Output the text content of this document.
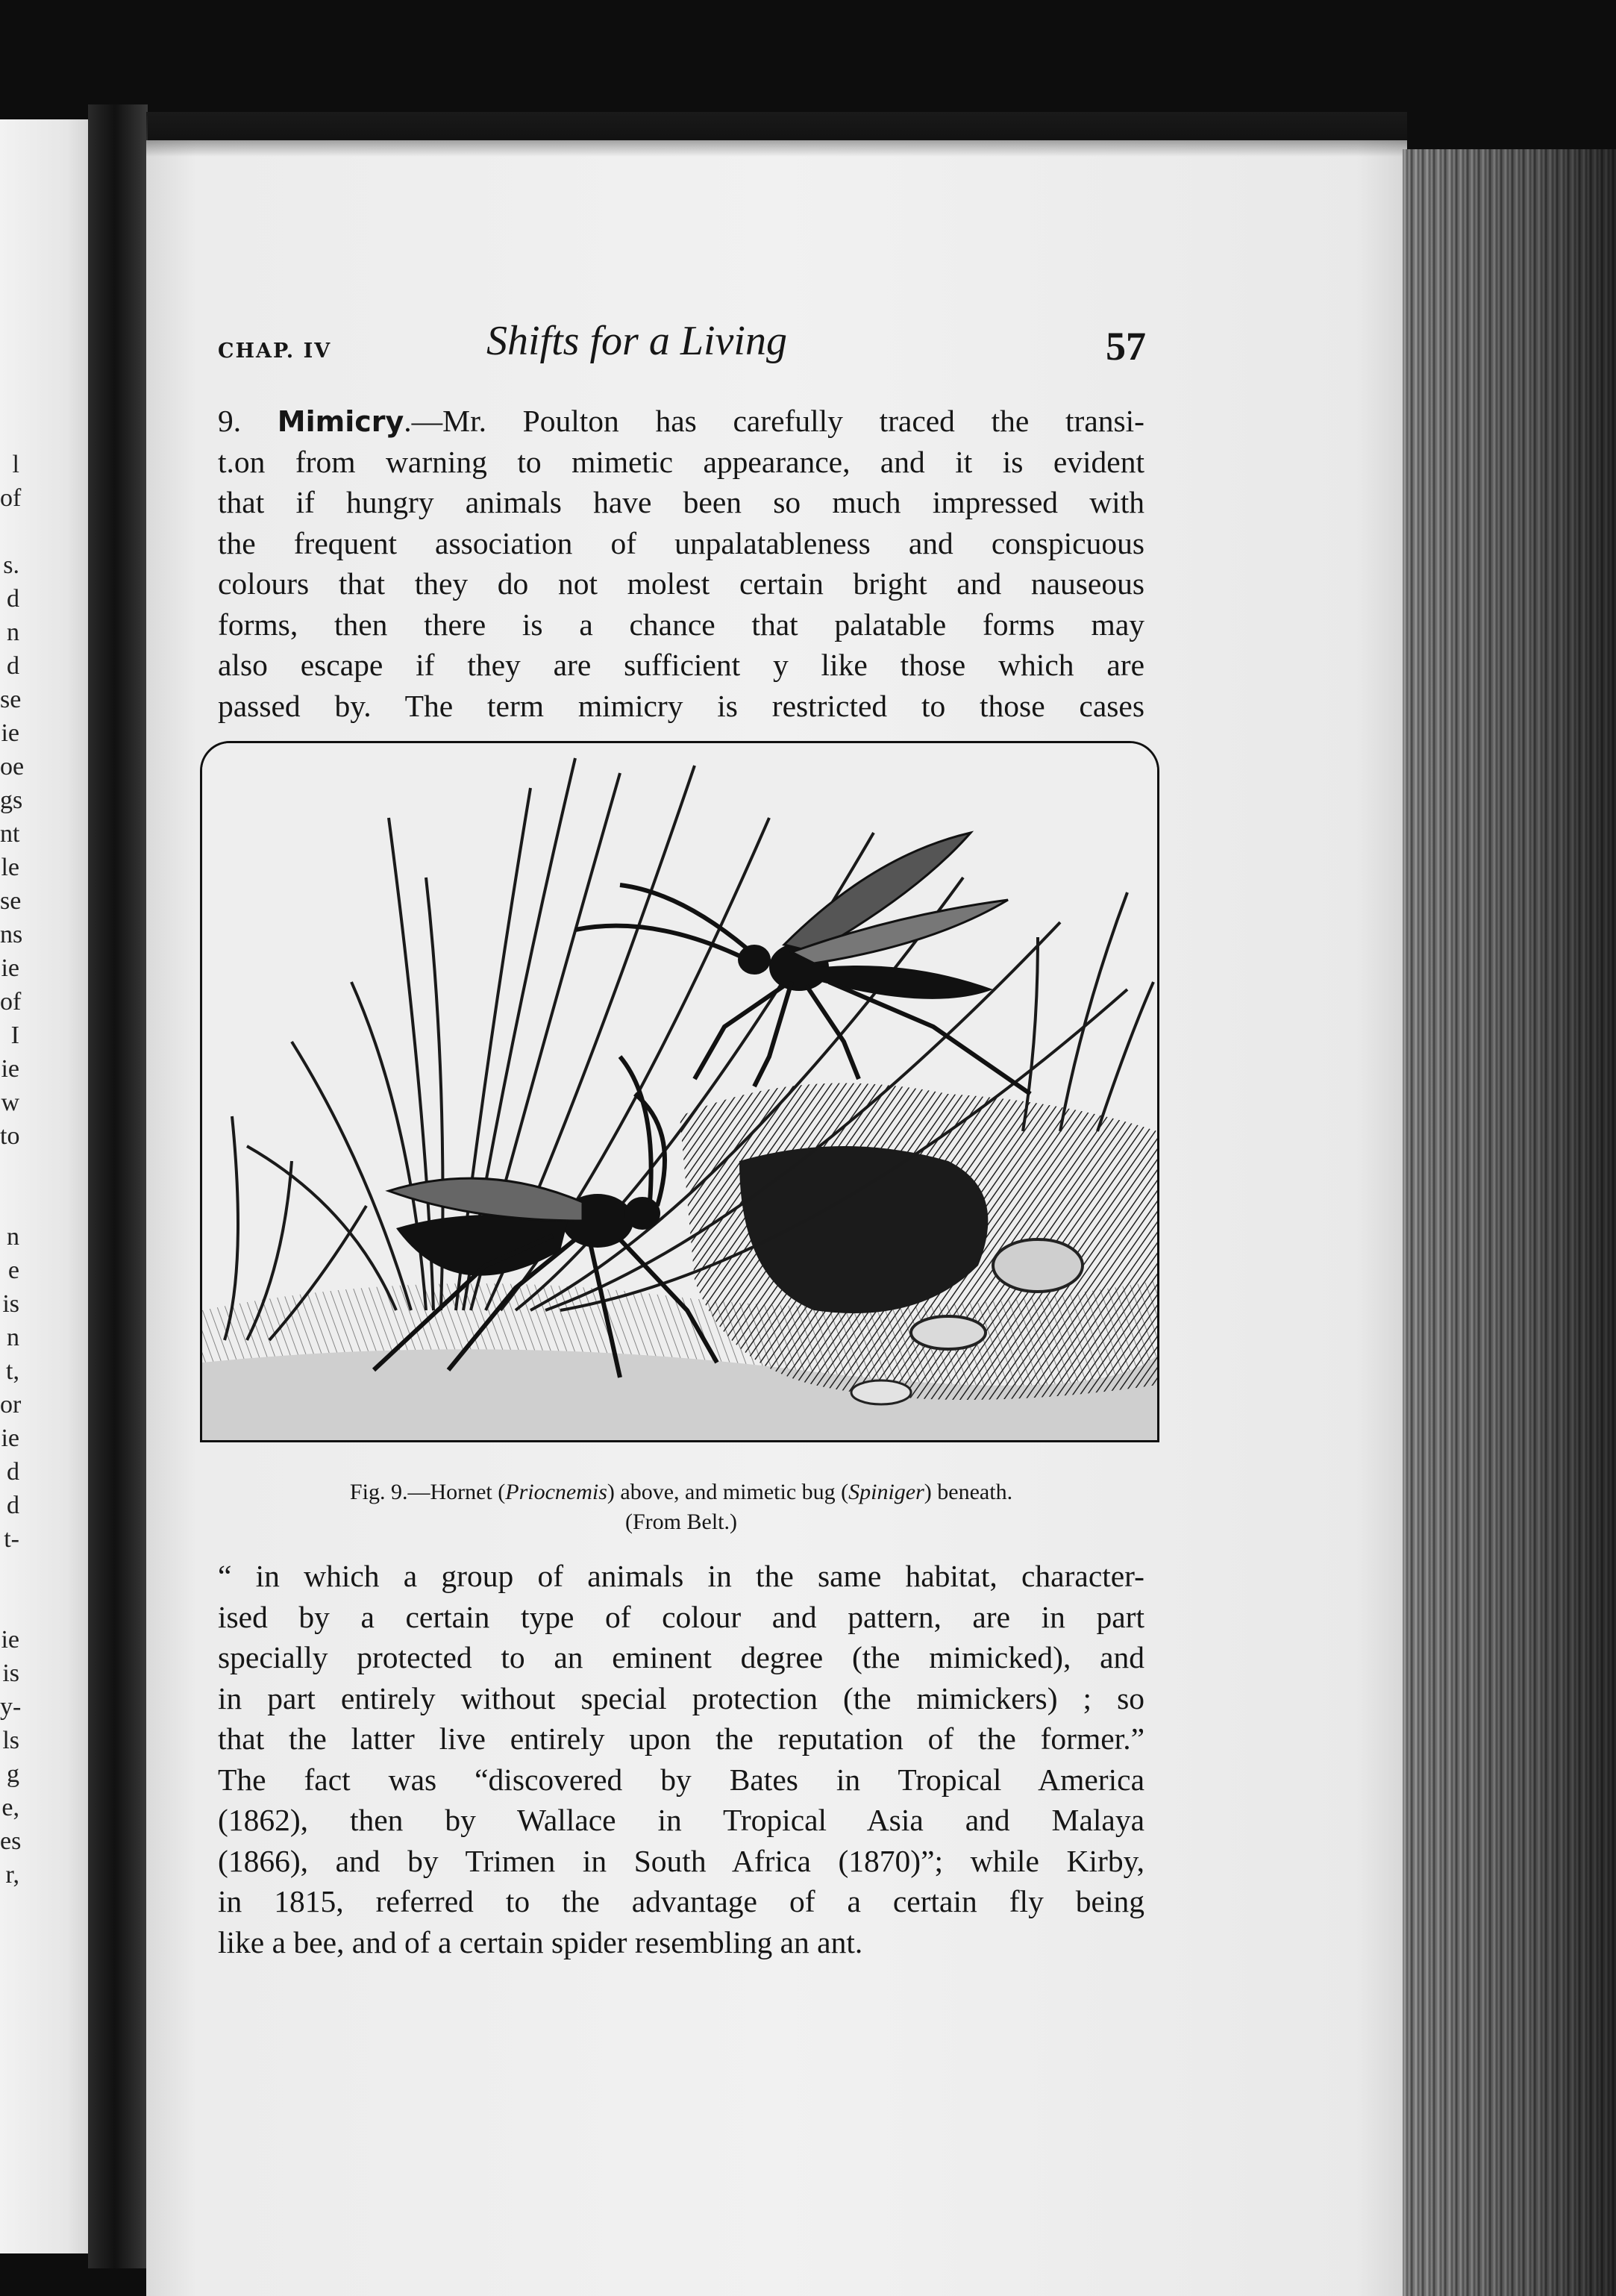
l
of
s.
d
n
d
se
ie
oe
gs
nt
le
se
ns
ie
of
I
ie
w
to
n
e
is
n
t,
or
ie
d
d
t-
ie
is
y-
ls
g
e,
es
r,
CHAP. IV	Shifts for a Living	57
9. Mimicry.—Mr. Poulton has carefully traced the transi-
t.on from warning to mimetic appearance, and it is evident
that if hungry animals have been so much impressed with
the frequent association of unpalatableness and conspicuous
colours that they do not molest certain bright and nauseous
forms, then there is a chance that palatable forms may
also escape if they are sufficient y like those which are
passed by. The term mimicry is restricted to those cases
Fig. 9.—Hornet (Priocnemis) above, and mimetic bug (Spiniger) beneath.
(From Belt.)
“ in which a group of animals in the same habitat, character-
ised by a certain type of colour and pattern, are in part
specially protected to an eminent degree (the mimicked), and
in part entirely without special protection (the mimickers) ; so
that the latter live entirely upon the reputation of the former.”
The fact was “discovered by Bates in Tropical America
(1862), then by Wallace in Tropical Asia and Malaya
(1866), and by Trimen in South Africa (1870)”; while Kirby,
in 1815, referred to the advantage of a certain fly being
like a bee, and of a certain spider resembling an ant.
